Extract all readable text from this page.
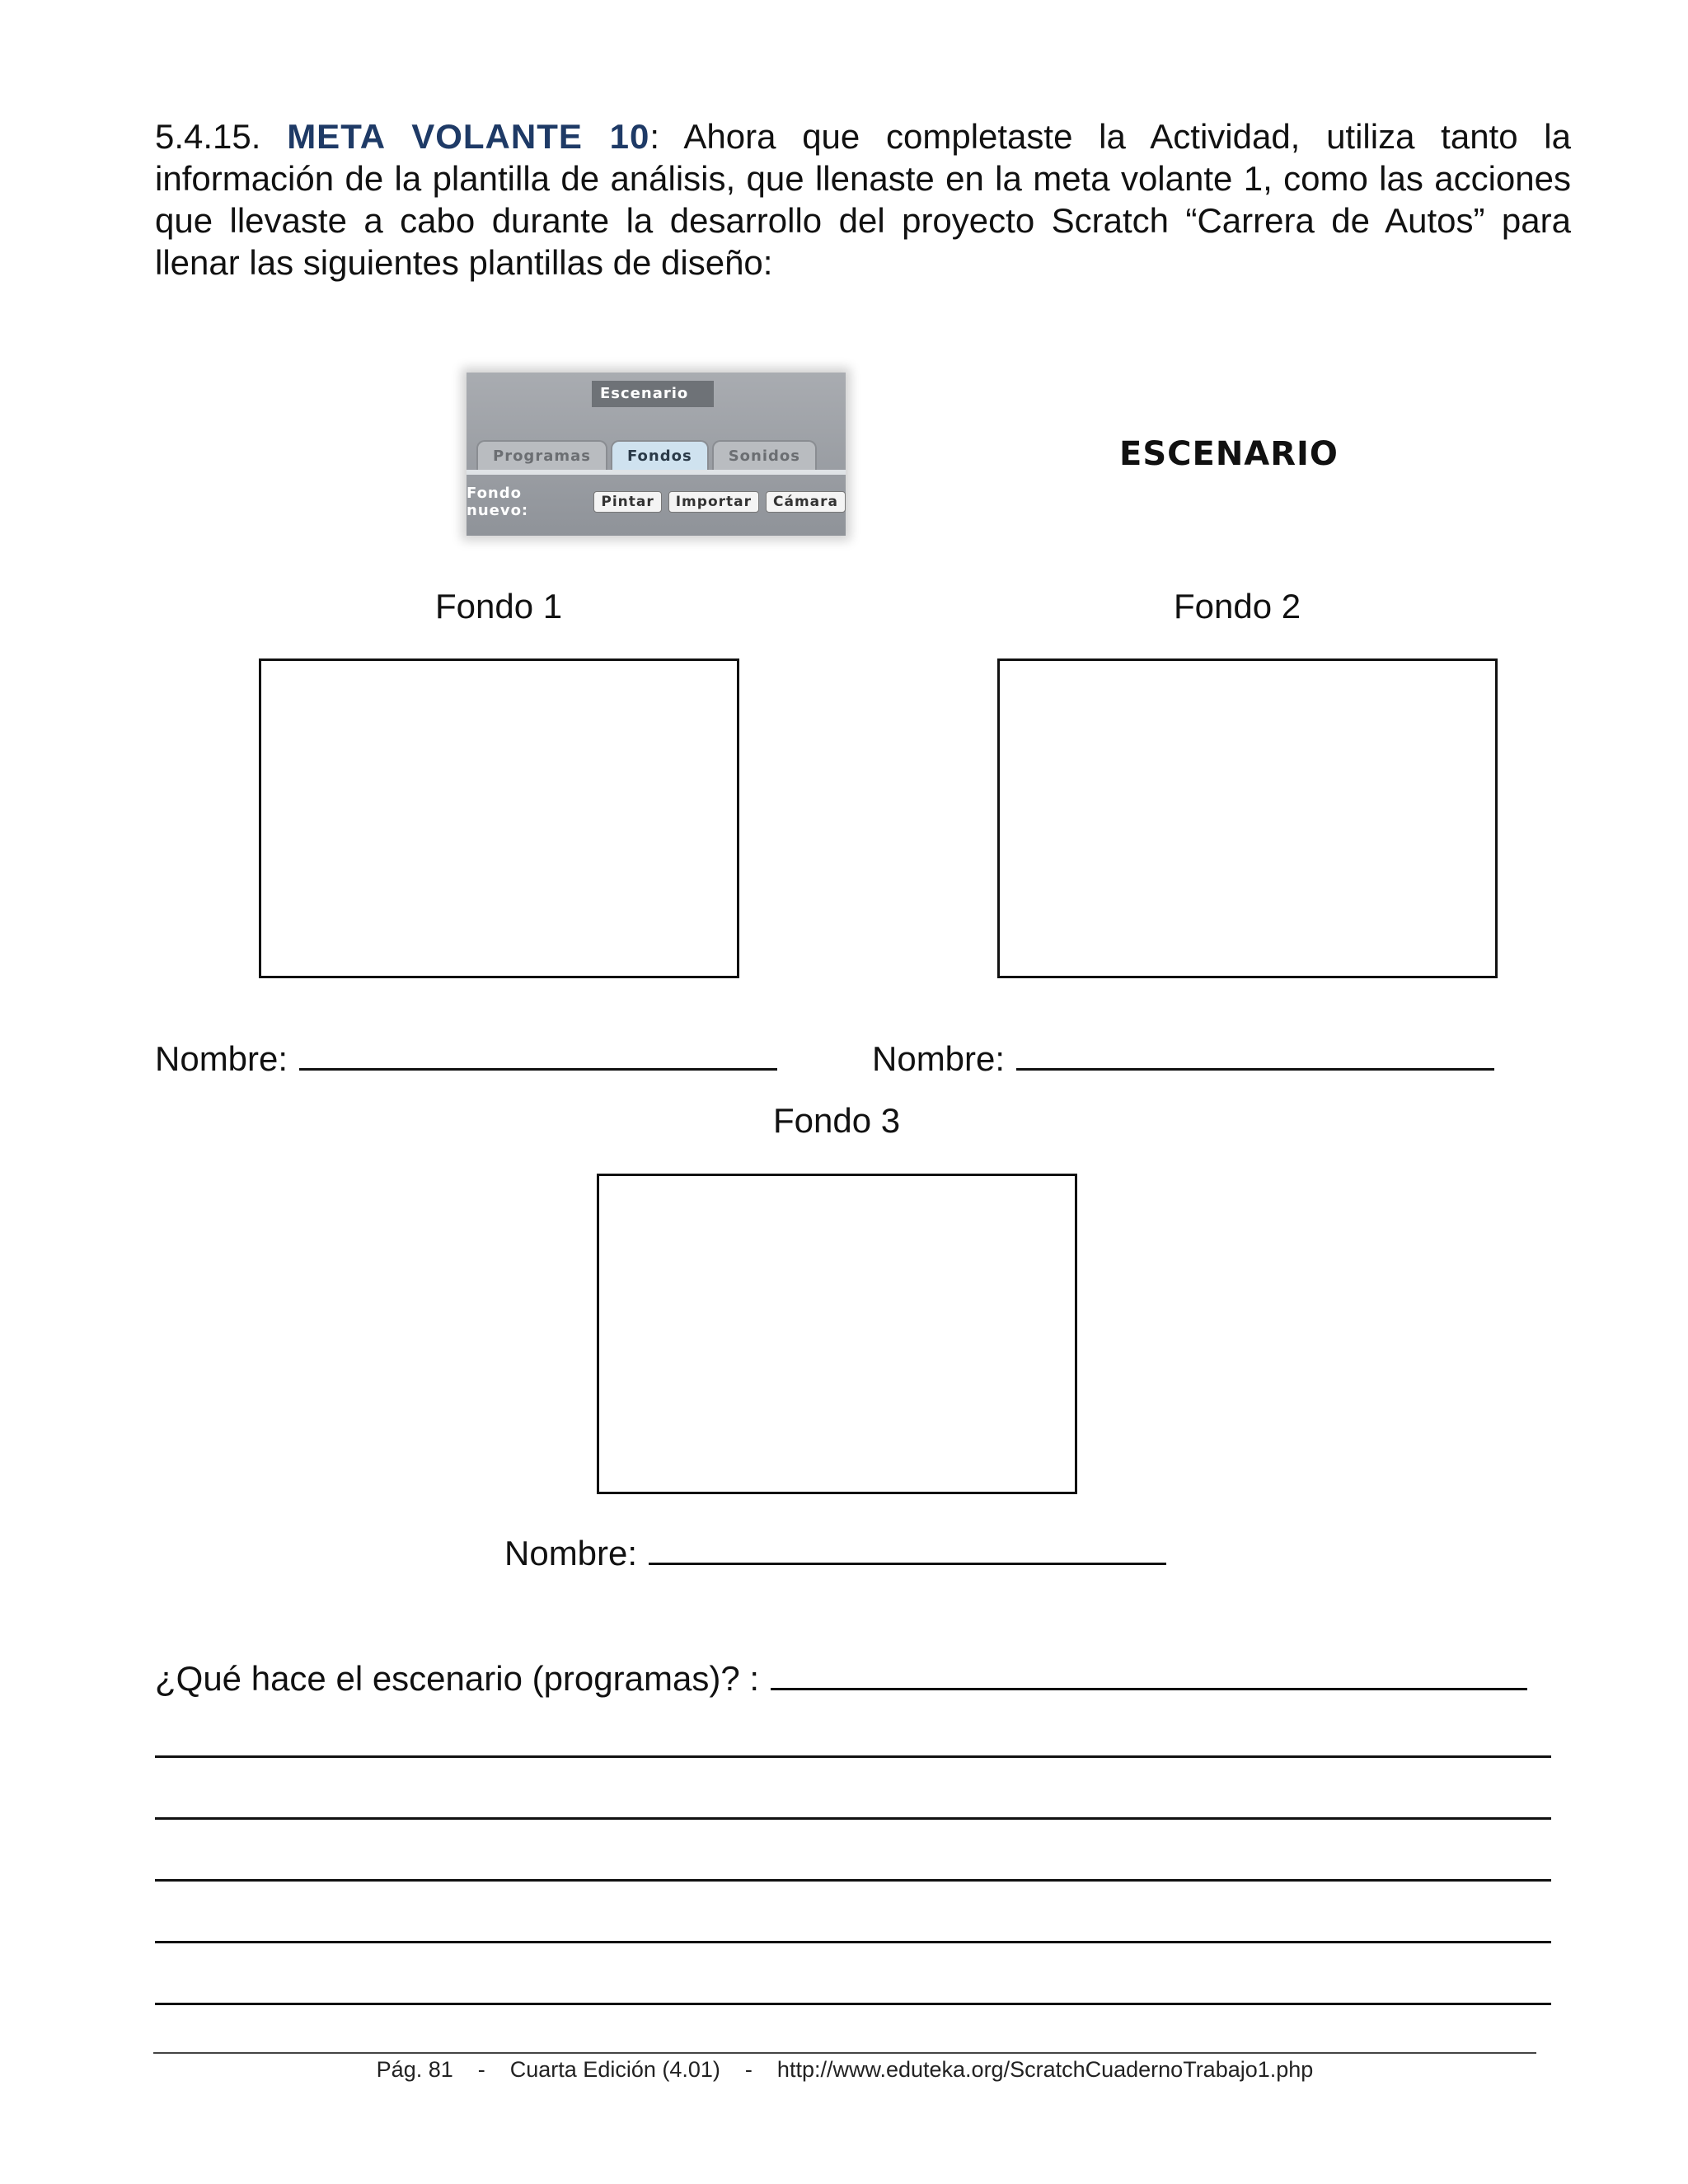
5.4.15. META VOLANTE 10: Ahora que completaste la Actividad, utiliza tanto la información de la plantilla de análisis, que llenaste en la meta volante 1, como las acciones que llevaste a cabo durante la desarrollo del proyecto Scratch “Carrera de Autos” para llenar las siguientes plantillas de diseño:
Escenario
Programas	Fondos	Sonidos
Fondo nuevo:	Pintar	Importar	Cámara
ESCENARIO
Fondo 1
Nombre:
Fondo 2
Nombre:
Fondo 3
Nombre:
¿Qué hace el escenario (programas)? :
Pág. 81    -    Cuarta Edición (4.01)    -    http://www.eduteka.org/ScratchCuadernoTrabajo1.php
